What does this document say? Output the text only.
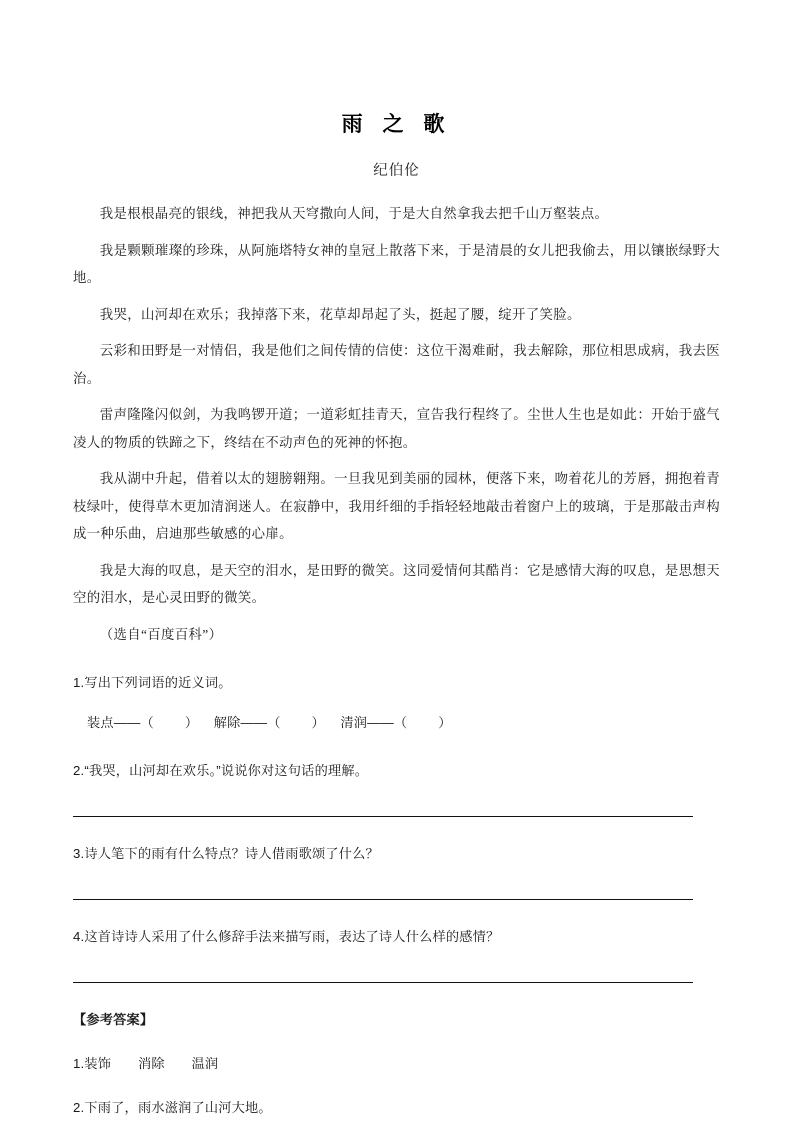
雨 之 歌

纪伯伦

我是根根晶亮的银线，神把我从天穹撒向人间，于是大自然拿我去把千山万壑装点。

我是颗颗璀璨的珍珠，从阿施塔特女神的皇冠上散落下来，于是清晨的女儿把我偷去，用以镶嵌绿野大地。

我哭，山河却在欢乐；我掉落下来，花草却昂起了头，挺起了腰，绽开了笑脸。

云彩和田野是一对情侣，我是他们之间传情的信使：这位干渴难耐，我去解除，那位相思成病，我去医治。

雷声隆隆闪似剑，为我鸣锣开道；一道彩虹挂青天，宣告我行程终了。尘世人生也是如此：开始于盛气凌人的物质的铁蹄之下，终结在不动声色的死神的怀抱。

我从湖中升起，借着以太的翅膀翱翔。一旦我见到美丽的园林，便落下来，吻着花儿的芳唇，拥抱着青枝绿叶，使得草木更加清润迷人。在寂静中，我用纤细的手指轻轻地敲击着窗户上的玻璃，于是那敲击声构成一种乐曲，启迪那些敏感的心扉。

我是大海的叹息，是天空的泪水，是田野的微笑。这同爱情何其酷肖：它是感情大海的叹息，是思想天空的泪水，是心灵田野的微笑。

（选自“百度百科”）

1.写出下列词语的近义词。

装点——（        ）    解除——（        ）    清润——（        ）

2.“我哭，山河却在欢乐。”说说你对这句话的理解。

3.诗人笔下的雨有什么特点？诗人借雨歌颂了什么？

4.这首诗诗人采用了什么修辞手法来描写雨，表达了诗人什么样的感情？

【参考答案】

1.装饰　　消除　　温润

2.下雨了，雨水滋润了山河大地。
